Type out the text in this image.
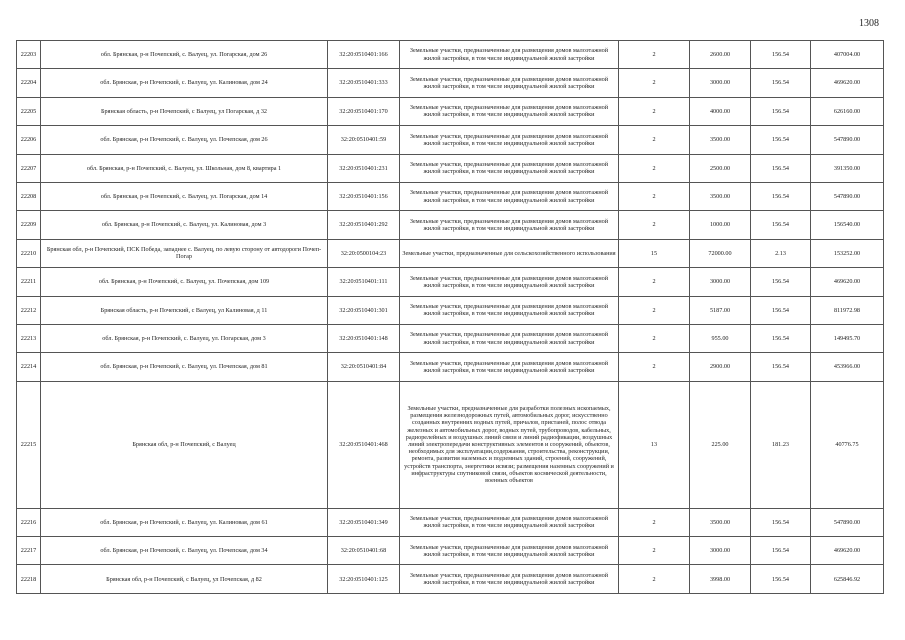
1308
22203	обл. Брянская, р-н Почепский, с. Валуец, ул. Погарская, дом 26	32:20:0510401:166	Земельные участки, предназначенные для размещения домов малоэтажной жилой застройки, в том числе индивидуальной жилой застройки	2	2600.00	156.54	407004.00
22204	обл. Брянская, р-н Почепский, с. Валуец, ул. Калиновая, дом 24	32:20:0510401:333	Земельные участки, предназначенные для размещения домов малоэтажной жилой застройки, в том числе индивидуальной жилой застройки	2	3000.00	156.54	469620.00
22205	Брянская область, р-н Почепский, с Валуец, ул Погарская, д 32	32:20:0510401:170	Земельные участки, предназначенные для размещения домов малоэтажной жилой застройки, в том числе индивидуальной жилой застройки	2	4000.00	156.54	626160.00
22206	обл. Брянская, р-н Почепский, с. Валуец, ул. Почепская, дом 26	32:20:0510401:59	Земельные участки, предназначенные для размещения домов малоэтажной жилой застройки, в том числе индивидуальной жилой застройки	2	3500.00	156.54	547890.00
22207	обл. Брянская, р-н Почепский, с. Валуец, ул. Школьная, дом 8, квартира 1	32:20:0510401:231	Земельные участки, предназначенные для размещения домов малоэтажной жилой застройки, в том числе индивидуальной жилой застройки	2	2500.00	156.54	391350.00
22208	обл. Брянская, р-н Почепский, с. Валуец, ул. Погарская, дом 14	32:20:0510401:156	Земельные участки, предназначенные для размещения домов малоэтажной жилой застройки, в том числе индивидуальной жилой застройки	2	3500.00	156.54	547890.00
22209	обл. Брянская, р-н Почепский, с. Валуец, ул. Калиновая, дом 3	32:20:0510401:292	Земельные участки, предназначенные для размещения домов малоэтажной жилой застройки, в том числе индивидуальной жилой застройки	2	1000.00	156.54	156540.00
22210	Брянская обл, р-н Почепский, ПСК Победа, западнее с. Валуец, по левую сторону от автодороги Почеп-Погар	32:20:0500104:23	Земельные участки, предназначенные для сельскохозяйственного использования	15	72000.00	2.13	153252.00
22211	обл. Брянская, р-н Почепский, с. Валуец, ул. Почепская, дом 109	32:20:0510401:111	Земельные участки, предназначенные для размещения домов малоэтажной жилой застройки, в том числе индивидуальной жилой застройки	2	3000.00	156.54	469620.00
22212	Брянская область, р-н Почепский, с Валуец, ул Калиновая, д 11	32:20:0510401:301	Земельные участки, предназначенные для размещения домов малоэтажной жилой застройки, в том числе индивидуальной жилой застройки	2	5187.00	156.54	811972.98
22213	обл. Брянская, р-н Почепский, с. Валуец, ул. Погарская, дом 3	32:20:0510401:148	Земельные участки, предназначенные для размещения домов малоэтажной жилой застройки, в том числе индивидуальной жилой застройки	2	955.00	156.54	149495.70
22214	обл. Брянская, р-н Почепский, с. Валуец, ул. Почепская, дом 81	32:20:0510401:84	Земельные участки, предназначенные для размещения домов малоэтажной жилой застройки, в том числе индивидуальной жилой застройки	2	2900.00	156.54	453966.00
22215	Брянская обл, р-н Почепский, с Валуец	32:20:0510401:468	Земельные участки, предназначенные для разработки полезных ископаемых, размещения железнодорожных путей, автомобильных дорог, искусственно созданных внутренних водных путей, причалов, пристаней, полос отвода железных и автомобильных дорог, водных путей, трубопроводов, кабельных, радиорелейных и воздушных линий связи и линий радиофикации, воздушных линий электропередачи конструктивных элементов и сооружений, объектов, необходимых для эксплуатации,содержания, строительства, реконструкции, ремонта, развития наземных и подземных зданий, строений, сооружений, устройств транспорта, энергетики исвязи; размещения наземных сооружений и инфраструктуры спутниковой связи, объектов космической деятельности, военных объектов	13	225.00	181.23	40776.75
22216	обл. Брянская, р-н Почепский, с. Валуец, ул. Калиновая, дом 61	32:20:0510401:349	Земельные участки, предназначенные для размещения домов малоэтажной жилой застройки, в том числе индивидуальной жилой застройки	2	3500.00	156.54	547890.00
22217	обл. Брянская, р-н Почепский, с. Валуец, ул. Почепская, дом 34	32:20:0510401:68	Земельные участки, предназначенные для размещения домов малоэтажной жилой застройки, в том числе индивидуальной жилой застройки	2	3000.00	156.54	469620.00
22218	Брянская обл, р-н Почепский, с Валуец, ул Почепская, д 82	32:20:0510401:125	Земельные участки, предназначенные для размещения домов малоэтажной жилой застройки, в том числе индивидуальной жилой застройки	2	3998.00	156.54	625846.92
